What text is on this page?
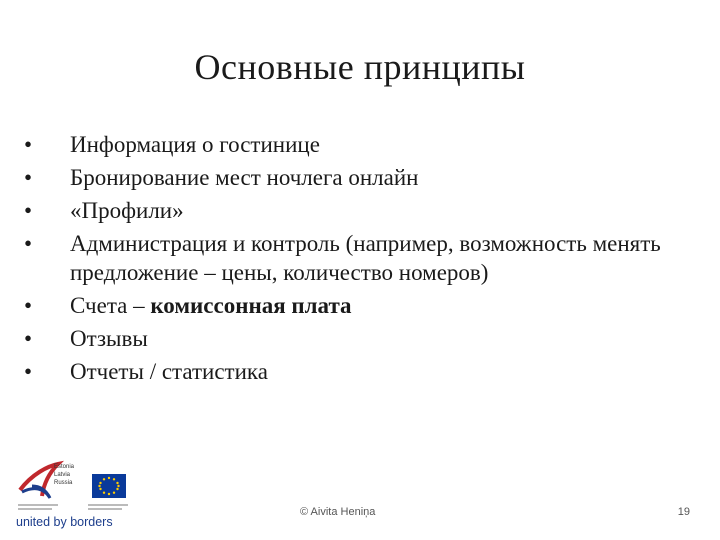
Основные принципы
•	Информация о гостинице
•	Бронирование мест ночлега онлайн
•	«Профили»
•	Администрация и контроль (например, возможность менять предложение – цены, количество номеров)
•	Счета – комиссонная плата
•	Отзывы
•	Отчеты / статистика
Estonia
Latvia
Russia
united by borders
© Aivita Heniņa	19
